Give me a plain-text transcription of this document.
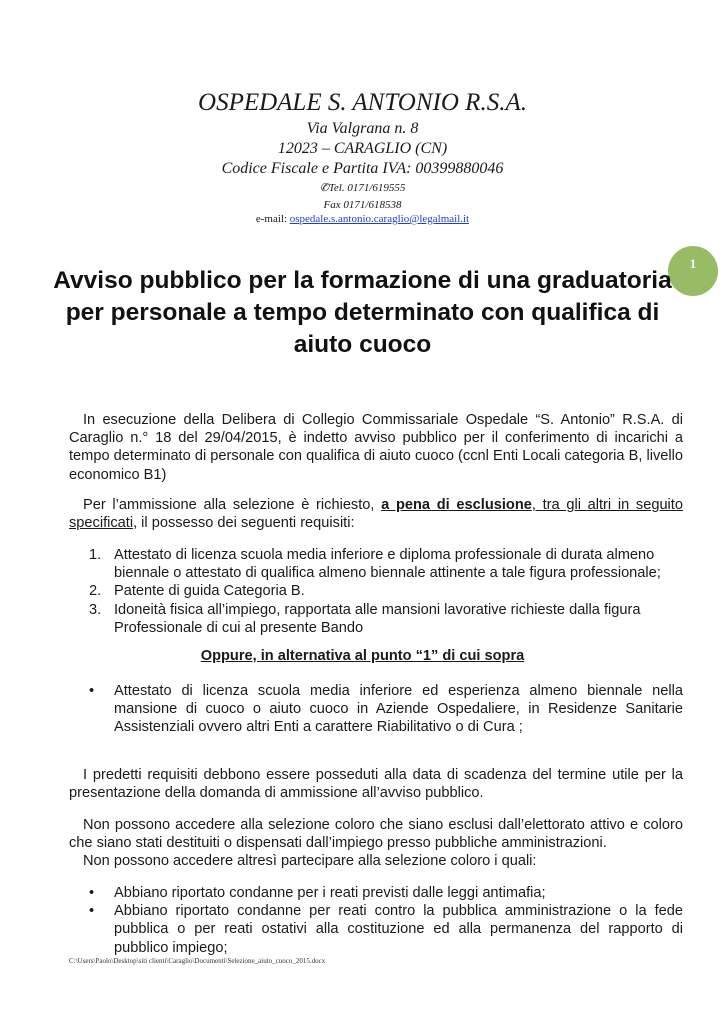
OSPEDALE S. ANTONIO R.S.A.
Via Valgrana n. 8
12023 – CARAGLIO (CN)
Codice Fiscale e Partita IVA: 00399880046
✆Tel. 0171/619555
Fax 0171/618538
e-mail: ospedale.s.antonio.caraglio@legalmail.it
1
Avviso pubblico per la formazione di una graduatoria per personale a tempo determinato con qualifica di aiuto cuoco

In esecuzione della Delibera di Collegio Commissariale Ospedale “S. Antonio” R.S.A. di Caraglio n.° 18 del 29/04/2015, è indetto avviso pubblico per il conferimento di incarichi a tempo determinato di personale con qualifica di aiuto cuoco (ccnl Enti Locali categoria B, livello economico B1)

Per l’ammissione alla selezione è richiesto, a pena di esclusione, tra gli altri in seguito specificati, il possesso dei seguenti requisiti:

1. Attestato di licenza scuola media inferiore e diploma professionale di durata almeno biennale o attestato di qualifica almeno biennale attinente a tale figura professionale;
2. Patente di guida Categoria B.
3. Idoneità fisica all’impiego, rapportata alle mansioni lavorative richieste dalla figura Professionale di cui al presente Bando
Oppure, in alternativa al punto “1” di cui sopra
• Attestato di licenza scuola media inferiore ed esperienza almeno biennale nella mansione di cuoco o aiuto cuoco in Aziende Ospedaliere, in Residenze Sanitarie Assistenziali ovvero altri Enti a carattere Riabilitativo o di Cura ;

I predetti requisiti debbono essere posseduti alla data di scadenza del termine utile per la presentazione della domanda di ammissione all’avviso pubblico.

Non possono accedere alla selezione coloro che siano esclusi dall’elettorato attivo e coloro che siano stati destituiti o dispensati dall’impiego presso pubbliche amministrazioni.

Non possono accedere altresì partecipare alla selezione coloro i quali:

• Abbiano riportato condanne per i reati previsti dalle leggi antimafia;
• Abbiano riportato condanne per reati contro la pubblica amministrazione o la fede pubblica o per reati ostativi alla costituzione ed alla permanenza del rapporto di pubblico impiego;
C:\Users\Paolo\Desktop\siti clienti\Caraglio\Documenti\Selezione_aiuto_cuoco_2015.docx
